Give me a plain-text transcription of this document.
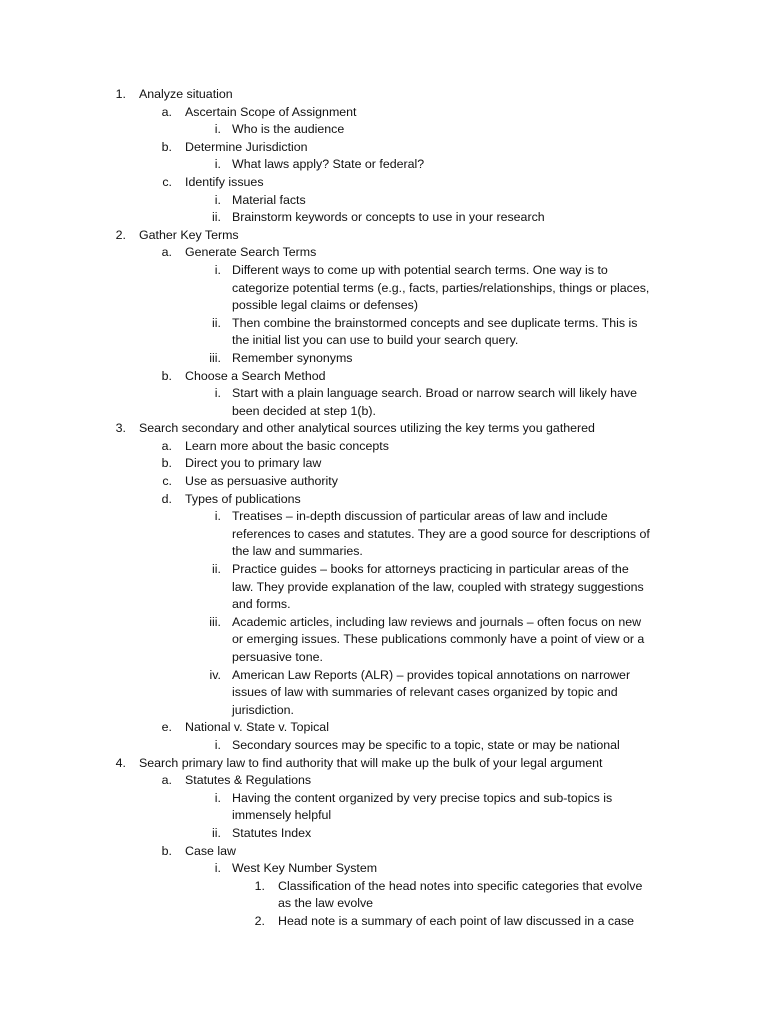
1. Analyze situation
a. Ascertain Scope of Assignment
i. Who is the audience
b. Determine Jurisdiction
i. What laws apply? State or federal?
c. Identify issues
i. Material facts
ii. Brainstorm keywords or concepts to use in your research
2. Gather Key Terms
a. Generate Search Terms
i. Different ways to come up with potential search terms. One way is to
categorize potential terms (e.g., facts, parties/relationships, things or places,
possible legal claims or defenses)
ii. Then combine the brainstormed concepts and see duplicate terms. This is
the initial list you can use to build your search query.
iii. Remember synonyms
b. Choose a Search Method
i. Start with a plain language search. Broad or narrow search will likely have
been decided at step 1(b).
3. Search secondary and other analytical sources utilizing the key terms you gathered
a. Learn more about the basic concepts
b. Direct you to primary law
c. Use as persuasive authority
d. Types of publications
i. Treatises – in-depth discussion of particular areas of law and include
references to cases and statutes. They are a good source for descriptions of
the law and summaries.
ii. Practice guides – books for attorneys practicing in particular areas of the
law. They provide explanation of the law, coupled with strategy suggestions
and forms.
iii. Academic articles, including law reviews and journals – often focus on new
or emerging issues. These publications commonly have a point of view or a
persuasive tone.
iv. American Law Reports (ALR) – provides topical annotations on narrower
issues of law with summaries of relevant cases organized by topic and
jurisdiction.
e. National v. State v. Topical
i. Secondary sources may be specific to a topic, state or may be national
4. Search primary law to find authority that will make up the bulk of your legal argument
a. Statutes & Regulations
i. Having the content organized by very precise topics and sub-topics is
immensely helpful
ii. Statutes Index
b. Case law
i. West Key Number System
1. Classification of the head notes into specific categories that evolve
as the law evolve
2. Head note is a summary of each point of law discussed in a case
